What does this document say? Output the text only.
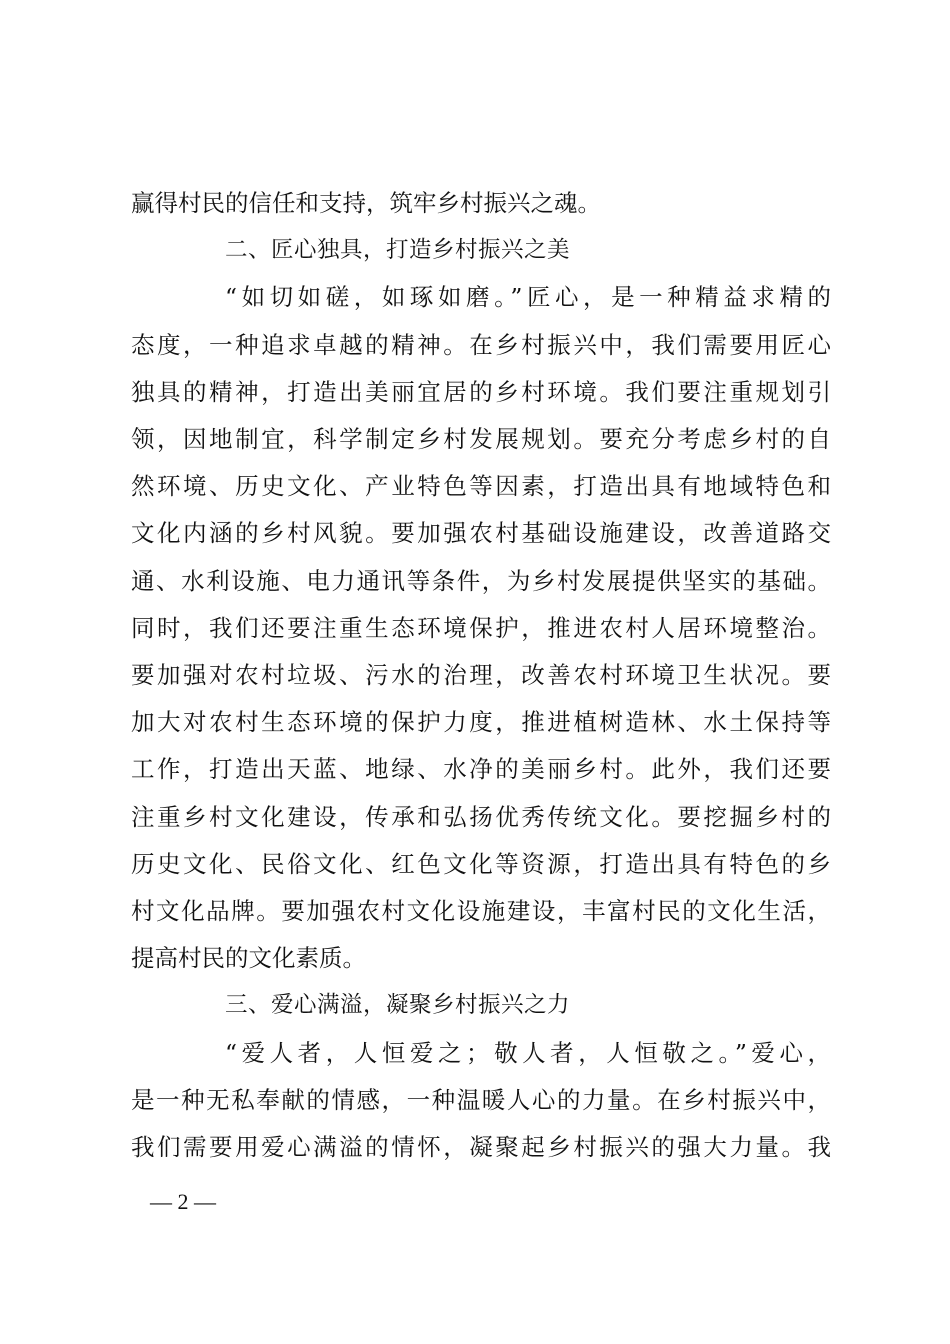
赢得村民的信任和支持，筑牢乡村振兴之魂。
二、匠心独具，打造乡村振兴之美
“如切如磋，如琢如磨。”匠心，是一种精益求精的
态度，一种追求卓越的精神。在乡村振兴中，我们需要用匠心
独具的精神，打造出美丽宜居的乡村环境。我们要注重规划引
领，因地制宜，科学制定乡村发展规划。要充分考虑乡村的自
然环境、历史文化、产业特色等因素，打造出具有地域特色和
文化内涵的乡村风貌。要加强农村基础设施建设，改善道路交
通、水利设施、电力通讯等条件，为乡村发展提供坚实的基础。
同时，我们还要注重生态环境保护，推进农村人居环境整治。
要加强对农村垃圾、污水的治理，改善农村环境卫生状况。要
加大对农村生态环境的保护力度，推进植树造林、水土保持等
工作，打造出天蓝、地绿、水净的美丽乡村。此外，我们还要
注重乡村文化建设，传承和弘扬优秀传统文化。要挖掘乡村的
历史文化、民俗文化、红色文化等资源，打造出具有特色的乡
村文化品牌。要加强农村文化设施建设，丰富村民的文化生活，
提高村民的文化素质。
三、爱心满溢，凝聚乡村振兴之力
“爱人者，人恒爱之；敬人者，人恒敬之。”爱心，
是一种无私奉献的情感，一种温暖人心的力量。在乡村振兴中，
我们需要用爱心满溢的情怀，凝聚起乡村振兴的强大力量。我
— 2 —
